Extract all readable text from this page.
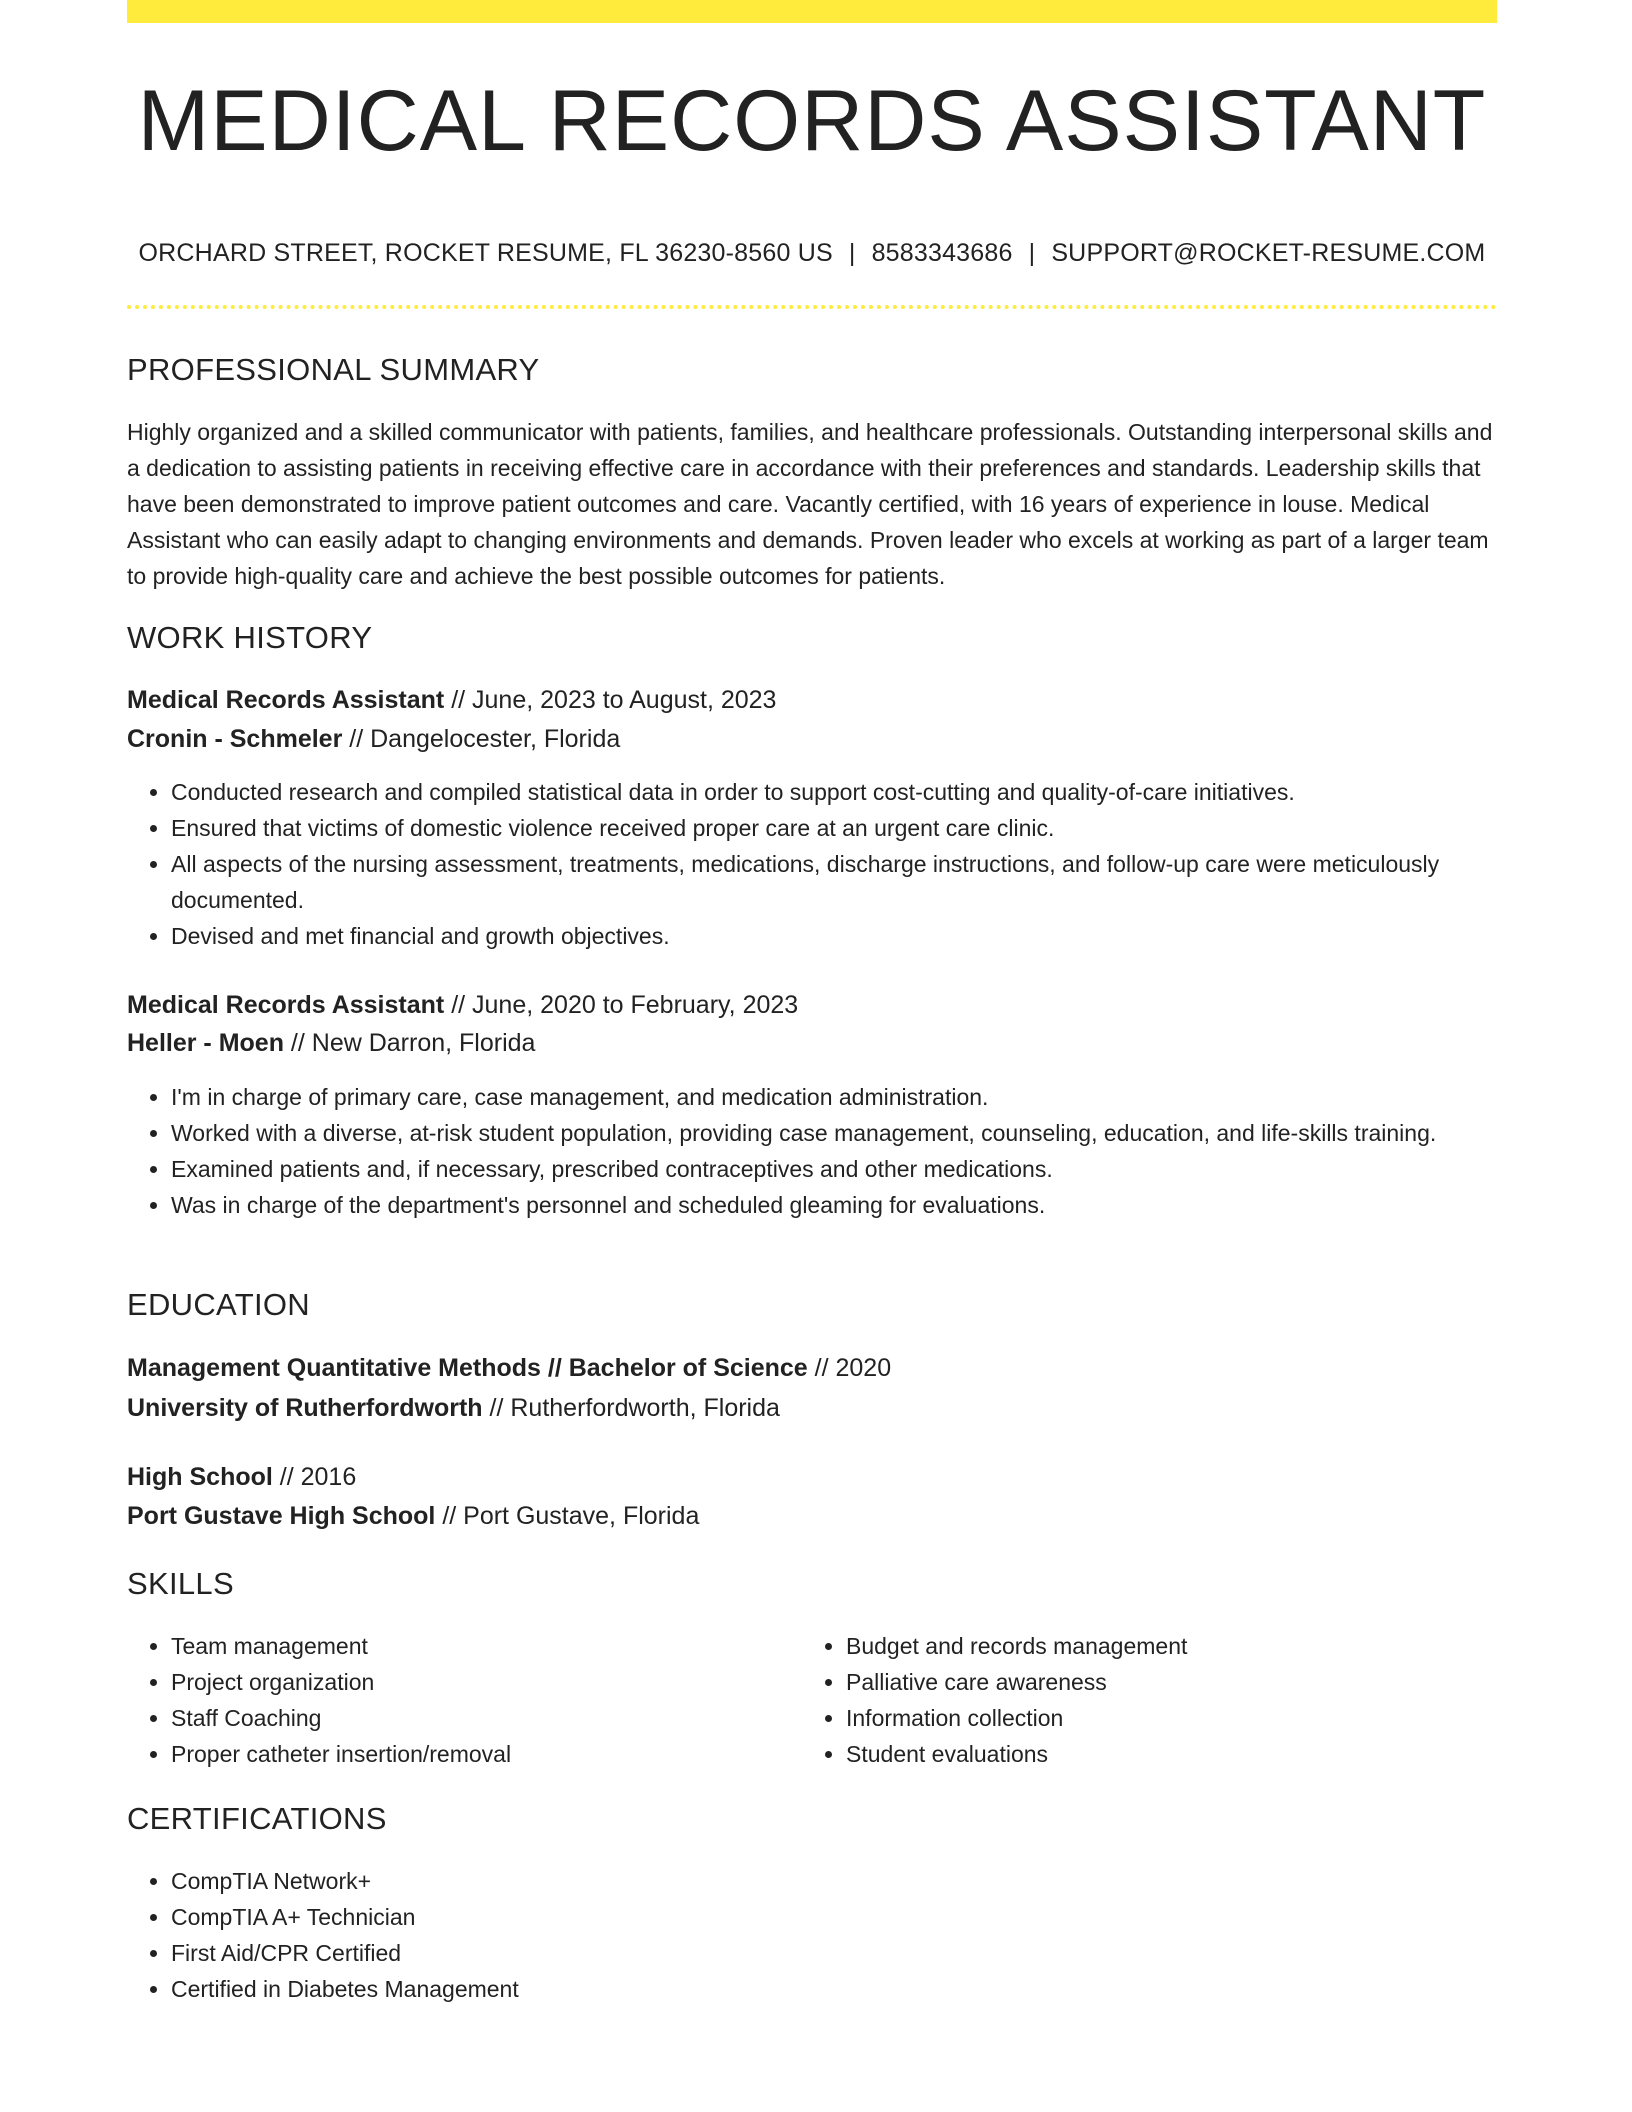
MEDICAL RECORDS ASSISTANT
ORCHARD STREET, ROCKET RESUME, FL 36230-8560 US | 8583343686 | SUPPORT@ROCKET-RESUME.COM
PROFESSIONAL SUMMARY

Highly organized and a skilled communicator with patients, families, and healthcare professionals. Outstanding interpersonal skills and a dedication to assisting patients in receiving effective care in accordance with their preferences and standards. Leadership skills that have been demonstrated to improve patient outcomes and care. Vacantly certified, with 16 years of experience in louse. Medical Assistant who can easily adapt to changing environments and demands. Proven leader who excels at working as part of a larger team to provide high-quality care and achieve the best possible outcomes for patients.

WORK HISTORY
Medical Records Assistant // June, 2023 to August, 2023
Cronin - Schmeler // Dangelocester, Florida
• Conducted research and compiled statistical data in order to support cost-cutting and quality-of-care initiatives.
• Ensured that victims of domestic violence received proper care at an urgent care clinic.
• All aspects of the nursing assessment, treatments, medications, discharge instructions, and follow-up care were meticulously documented.
• Devised and met financial and growth objectives.
Medical Records Assistant // June, 2020 to February, 2023
Heller - Moen // New Darron, Florida
• I'm in charge of primary care, case management, and medication administration.
• Worked with a diverse, at-risk student population, providing case management, counseling, education, and life-skills training.
• Examined patients and, if necessary, prescribed contraceptives and other medications.
• Was in charge of the department's personnel and scheduled gleaming for evaluations.
EDUCATION
Management Quantitative Methods // Bachelor of Science // 2020
University of Rutherfordworth // Rutherfordworth, Florida
High School // 2016
Port Gustave High School // Port Gustave, Florida
SKILLS
• Team management
• Project organization
• Staff Coaching
• Proper catheter insertion/removal
• Budget and records management
• Palliative care awareness
• Information collection
• Student evaluations
CERTIFICATIONS
• CompTIA Network+
• CompTIA A+ Technician
• First Aid/CPR Certified
• Certified in Diabetes Management
